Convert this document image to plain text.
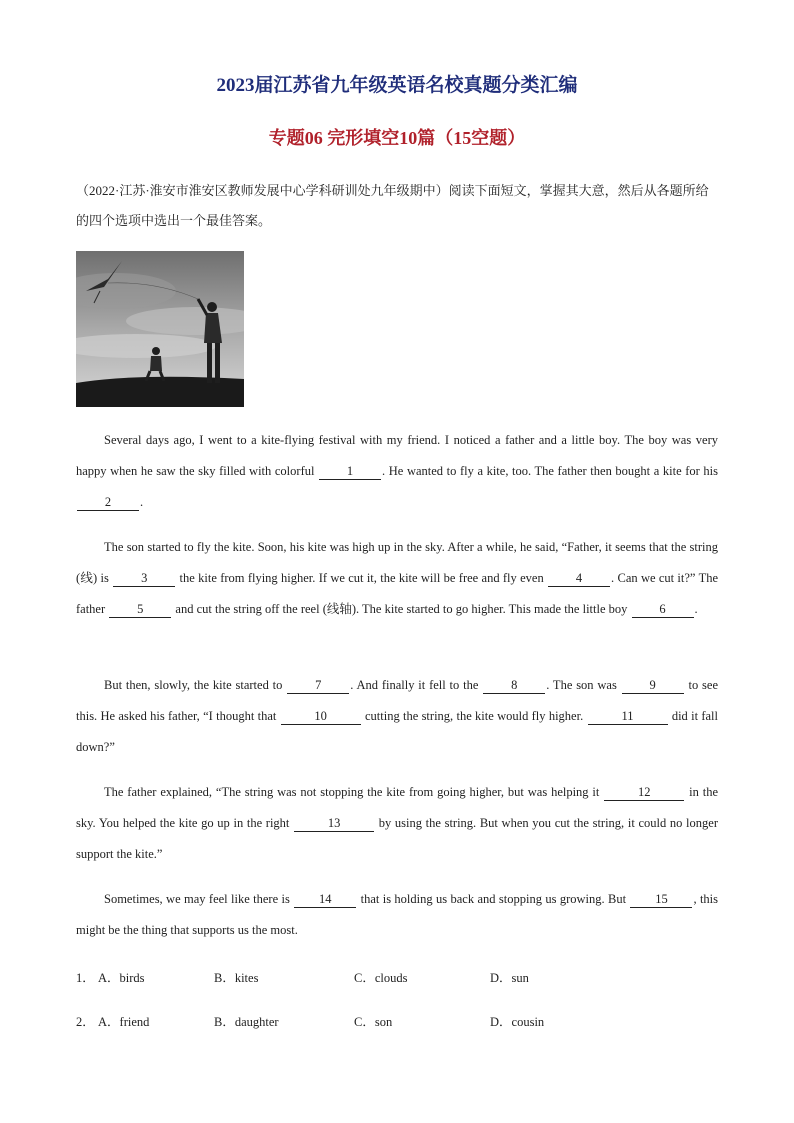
2023届江苏省九年级英语名校真题分类汇编
专题06 完形填空10篇（15空题）

（2022·江苏·淮安市淮安区教师发展中心学科研训处九年级期中）阅读下面短文，掌握其大意，然后从各题所给的四个选项中选出一个最佳答案。

Several days ago, I went to a kite-flying festival with my friend. I noticed a father and a little boy. The boy was very happy when he saw the sky filled with colorful 1 . He wanted to fly a kite, too. The father then bought a kite for his 2 .

The son started to fly the kite. Soon, his kite was high up in the sky. After a while, he said, “Father, it seems that the string (线) is 3 the kite from flying higher. If we cut it, the kite will be free and fly even 4 . Can we cut it?” The father 5 and cut the string off the reel (线轴). The kite started to go higher. This made the little boy 6 .

But then, slowly, the kite started to 7 . And finally it fell to the 8 . The son was 9 to see this. He asked his father, “I thought that	10	cutting the string, the kite would fly higher.	11	did it fall down?”

The father explained, “The string was not stopping the kite from going higher, but was helping it	12	in the sky. You helped the kite go up in the right	13	by using the string. But when you cut the string, it could no longer support the kite.”

Sometimes, we may feel like there is 14 that is holding us back and stopping us growing. But 15 , this might be the thing that supports us the most.

1． A．birds	B．kites	C．clouds	D．sun
2． A．friend	B．daughter	C．son	D．cousin
